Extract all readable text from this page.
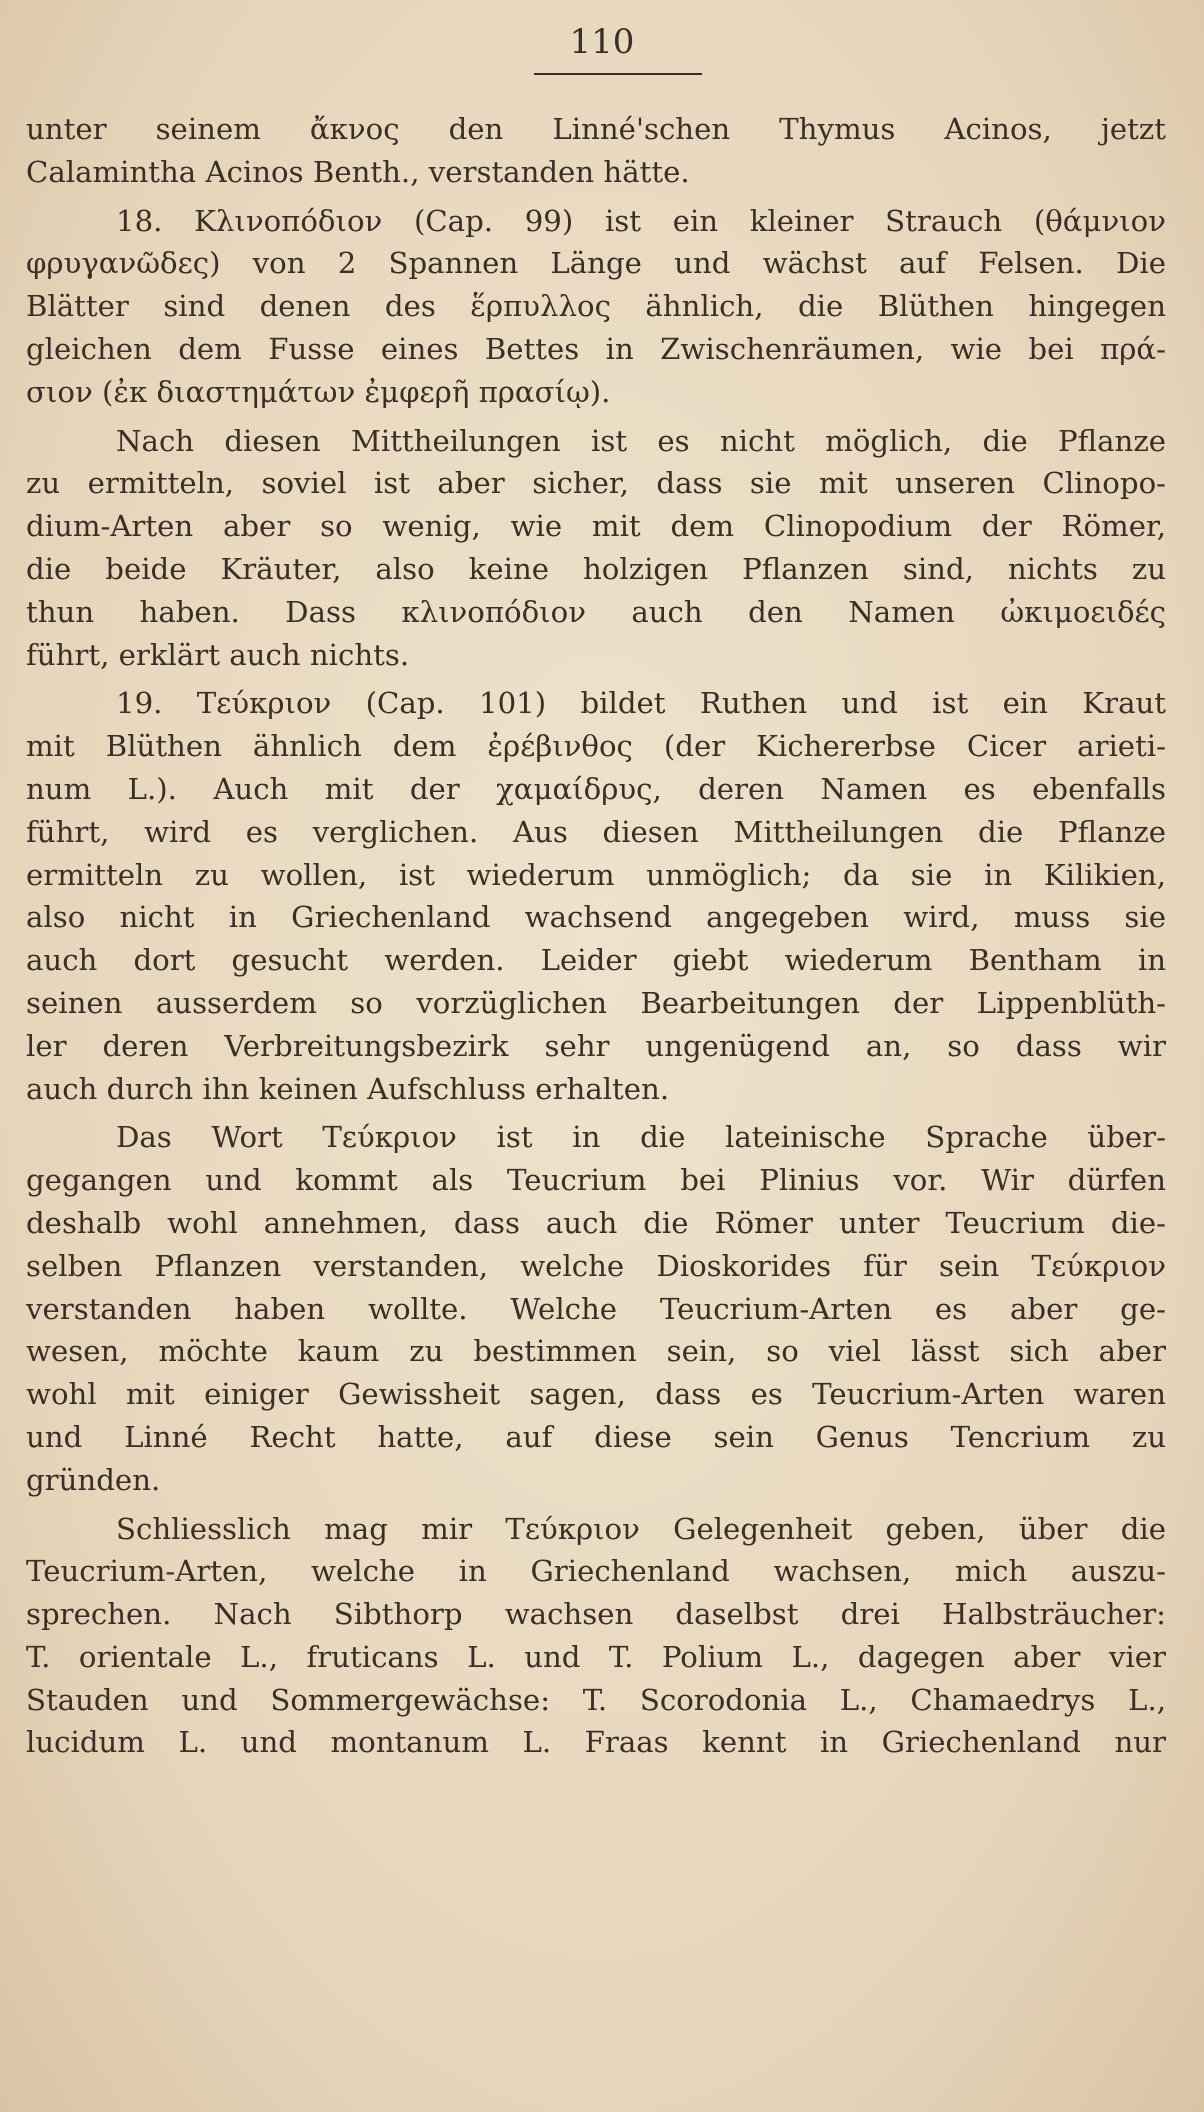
110
unter seinem ἄκνος den Linné'schen Thymus Acinos, jetzt
Calamintha Acinos Benth., verstanden hätte.
18. Κλινοπόδιον (Cap. 99) ist ein kleiner Strauch (θάμνιον
φρυγανῶδες) von 2 Spannen Länge und wächst auf Felsen. Die
Blätter sind denen des ἕρπυλλος ähnlich, die Blüthen hingegen
gleichen dem Fusse eines Bettes in Zwischenräumen, wie bei πρά-
σιον (ἐκ διαστημάτων ἐμφερῆ πρασίῳ).
Nach diesen Mittheilungen ist es nicht möglich, die Pflanze
zu ermitteln, soviel ist aber sicher, dass sie mit unseren Clinopo-
dium-Arten aber so wenig, wie mit dem Clinopodium der Römer,
die beide Kräuter, also keine holzigen Pflanzen sind, nichts zu
thun haben. Dass κλινοπόδιον auch den Namen ὠκιμοειδές
führt, erklärt auch nichts.
19. Τεύκριον (Cap. 101) bildet Ruthen und ist ein Kraut
mit Blüthen ähnlich dem ἐρέβινθος (der Kichererbse Cicer arieti-
num L.). Auch mit der χαμαίδρυς, deren Namen es ebenfalls
führt, wird es verglichen. Aus diesen Mittheilungen die Pflanze
ermitteln zu wollen, ist wiederum unmöglich; da sie in Kilikien,
also nicht in Griechenland wachsend angegeben wird, muss sie
auch dort gesucht werden. Leider giebt wiederum Bentham in
seinen ausserdem so vorzüglichen Bearbeitungen der Lippenblüth-
ler deren Verbreitungsbezirk sehr ungenügend an, so dass wir
auch durch ihn keinen Aufschluss erhalten.
Das Wort Τεύκριον ist in die lateinische Sprache über-
gegangen und kommt als Teucrium bei Plinius vor. Wir dürfen
deshalb wohl annehmen, dass auch die Römer unter Teucrium die-
selben Pflanzen verstanden, welche Dioskorides für sein Τεύκριον
verstanden haben wollte. Welche Teucrium-Arten es aber ge-
wesen, möchte kaum zu bestimmen sein, so viel lässt sich aber
wohl mit einiger Gewissheit sagen, dass es Teucrium-Arten waren
und Linné Recht hatte, auf diese sein Genus Tencrium zu
gründen.
Schliesslich mag mir Τεύκριον Gelegenheit geben, über die
Teucrium-Arten, welche in Griechenland wachsen, mich auszu-
sprechen. Nach Sibthorp wachsen daselbst drei Halbsträucher:
T. orientale L., fruticans L. und T. Polium L., dagegen aber vier
Stauden und Sommergewächse: T. Scorodonia L., Chamaedrys L.,
lucidum L. und montanum L. Fraas kennt in Griechenland nur
